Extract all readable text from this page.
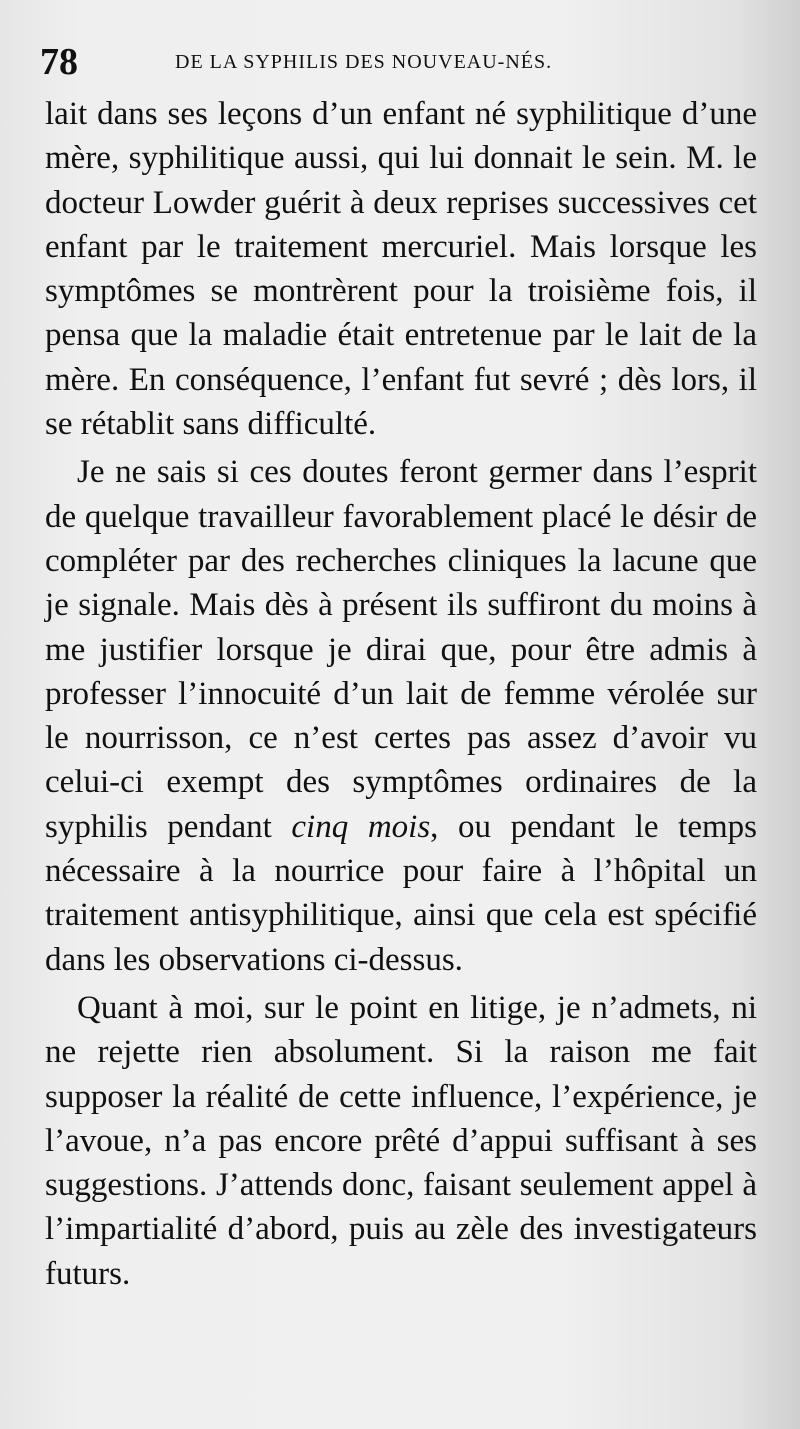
78	DE LA SYPHILIS DES NOUVEAU-NÉS.

lait dans ses leçons d’un enfant né syphilitique d’une mère, syphilitique aussi, qui lui donnait le sein. M. le docteur Lowder guérit à deux reprises successives cet enfant par le traitement mercuriel. Mais lorsque les symptômes se montrèrent pour la troisième fois, il pensa que la maladie était entretenue par le lait de la mère. En conséquence, l’enfant fut sevré ; dès lors, il se rétablit sans difficulté.

Je ne sais si ces doutes feront germer dans l’esprit de quelque travailleur favorablement placé le désir de compléter par des recherches cliniques la lacune que je signale. Mais dès à présent ils suffiront du moins à me justifier lorsque je dirai que, pour être admis à professer l’innocuité d’un lait de femme vérolée sur le nourrisson, ce n’est certes pas assez d’avoir vu celui-ci exempt des symptômes ordinaires de la syphilis pendant cinq mois, ou pendant le temps nécessaire à la nourrice pour faire à l’hôpital un traitement antisyphilitique, ainsi que cela est spécifié dans les observations ci-dessus.

Quant à moi, sur le point en litige, je n’admets, ni ne rejette rien absolument. Si la raison me fait supposer la réalité de cette influence, l’expérience, je l’avoue, n’a pas encore prêté d’appui suffisant à ses suggestions. J’attends donc, faisant seulement appel à l’impartialité d’abord, puis au zèle des investigateurs futurs.
